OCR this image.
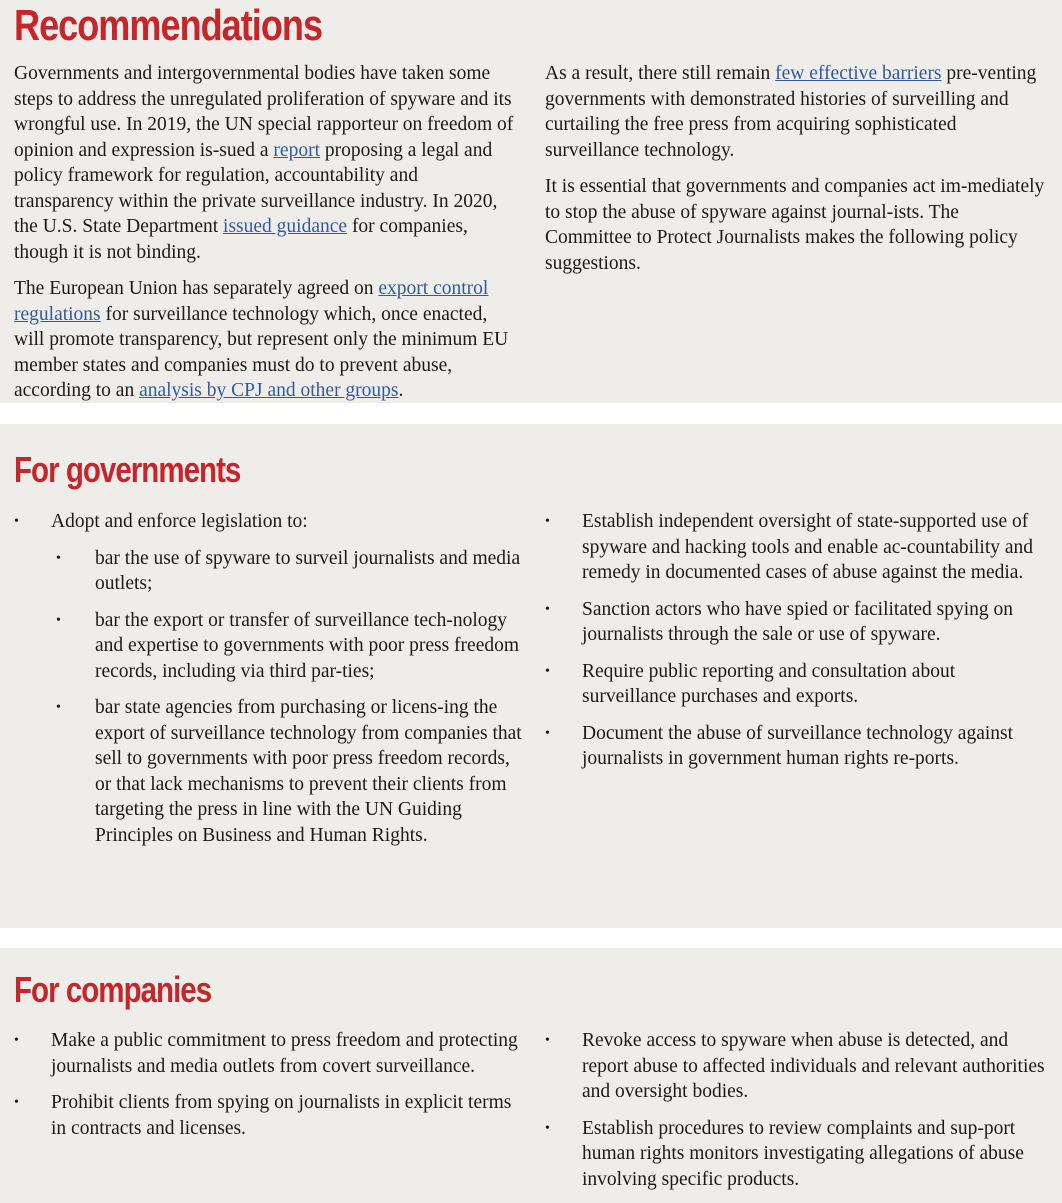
Recommendations

Governments and intergovernmental bodies have taken some steps to address the unregulated proliferation of spyware and its wrongful use. In 2019, the UN special rapporteur on freedom of opinion and expression is-sued a report proposing a legal and policy framework for regulation, accountability and transparency within the private surveillance industry. In 2020, the U.S. State Department issued guidance for companies, though it is not binding.

The European Union has separately agreed on export control regulations for surveillance technology which, once enacted, will promote transparency, but represent only the minimum EU member states and companies must do to prevent abuse, according to an analysis by CPJ and other groups.

As a result, there still remain few effective barriers pre-venting governments with demonstrated histories of surveilling and curtailing the free press from acquiring sophisticated surveillance technology.

It is essential that governments and companies act im-mediately to stop the abuse of spyware against journal-ists. The Committee to Protect Journalists makes the following policy suggestions.

For governments
• Adopt and enforce legislation to:
• bar the use of spyware to surveil journalists and media outlets;
• bar the export or transfer of surveillance tech-nology and expertise to governments with poor press freedom records, including via third par-ties;
• bar state agencies from purchasing or licens-ing the export of surveillance technology from companies that sell to governments with poor press freedom records, or that lack mechanisms to prevent their clients from targeting the press in line with the UN Guiding Principles on Business and Human Rights.
• Establish independent oversight of state-supported use of spyware and hacking tools and enable ac-countability and remedy in documented cases of abuse against the media.
• Sanction actors who have spied or facilitated spying on journalists through the sale or use of spyware.
• Require public reporting and consultation about surveillance purchases and exports.
• Document the abuse of surveillance technology against journalists in government human rights re-ports.
For companies
• Make a public commitment to press freedom and protecting journalists and media outlets from covert surveillance.
• Prohibit clients from spying on journalists in explicit terms in contracts and licenses.
• Revoke access to spyware when abuse is detected, and report abuse to affected individuals and relevant authorities and oversight bodies.
• Establish procedures to review complaints and sup-port human rights monitors investigating allegations of abuse involving specific products.
